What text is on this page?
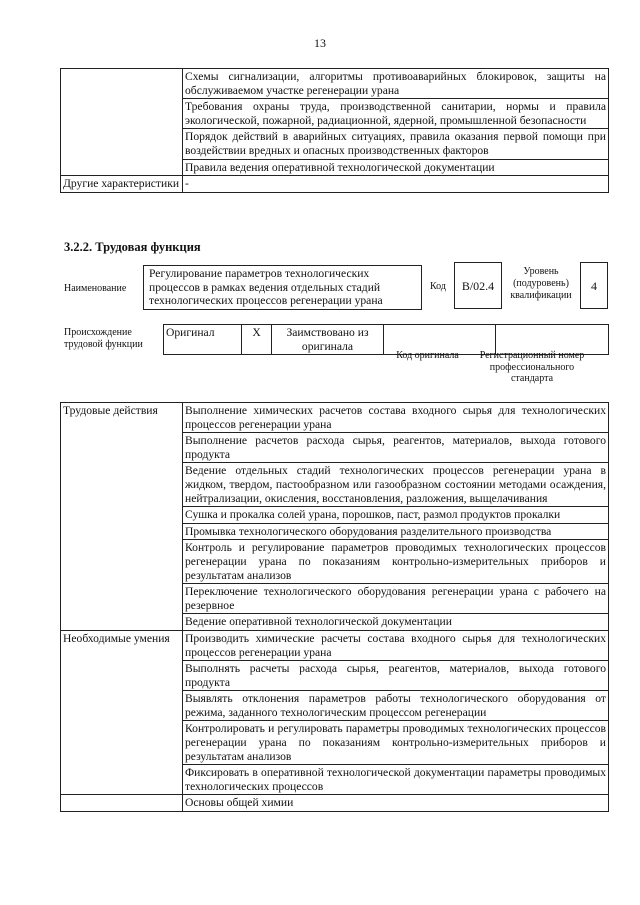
13
	Схемы сигнализации, алгоритмы противоаварийных блокировок, защиты на обслуживаемом участке регенерации урана
	Требования охраны труда, производственной санитарии, нормы и правила экологической, пожарной, радиационной, ядерной, промышленной безопасности
	Порядок действий в аварийных ситуациях, правила оказания первой помощи при воздействии вредных и опасных производственных факторов
	Правила ведения оперативной технологической документации
Другие характеристики	-
3.2.2. Трудовая функция
Наименование
Регулирование параметров технологических процессов в рамках ведения отдельных стадий технологических процессов регенерации урана
Код	B/02.4
Уровень (подуровень) квалификации
4
Происхождение трудовой функции
Оригинал	X	Заимствовано из оригинала		
Код оригинала	Регистрационный номер профессионального стандарта
Трудовые действия	Выполнение химических расчетов состава входного сырья для технологических процессов регенерации урана
	Выполнение расчетов расхода сырья, реагентов, материалов, выхода готового продукта
	Ведение отдельных стадий технологических процессов регенерации урана в жидком, твердом, пастообразном или газообразном состоянии методами осаждения, нейтрализации, окисления, восстановления, разложения, выщелачивания
	Сушка и прокалка солей урана, порошков, паст, размол продуктов прокалки
	Промывка технологического оборудования разделительного производства
	Контроль и регулирование параметров проводимых технологических процессов регенерации урана по показаниям контрольно-измерительных приборов и результатам анализов
	Переключение технологического оборудования регенерации урана с рабочего на резервное
	Ведение оперативной технологической документации
Необходимые умения	Производить химические расчеты состава входного сырья для технологических процессов регенерации урана
	Выполнять расчеты расхода сырья, реагентов, материалов, выхода готового продукта
	Выявлять отклонения параметров работы технологического оборудования от режима, заданного технологическим процессом регенерации
	Контролировать и регулировать параметры проводимых технологических процессов регенерации урана по показаниям контрольно-измерительных приборов и результатам анализов
	Фиксировать в оперативной технологической документации параметры проводимых технологических процессов
	Основы общей химии
